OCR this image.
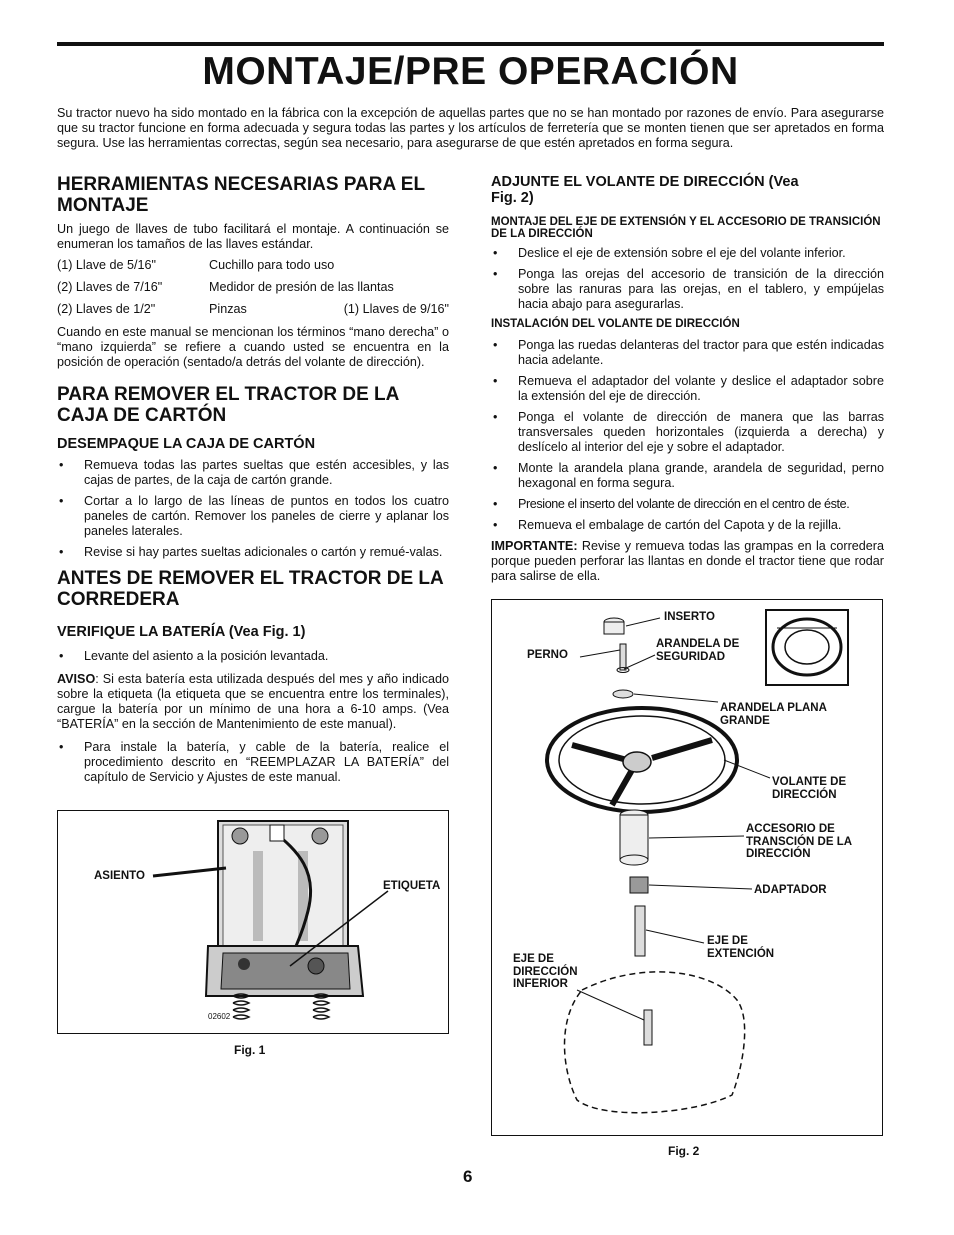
MONTAJE/PRE OPERACIÓN

Su tractor nuevo ha sido montado en la fábrica con la excepción de aquellas partes que no se han montado por razones de envío. Para asegurarse que su tractor funcione en forma adecuada y segura todas las partes y los artículos de ferretería que se monten tienen que ser apretados en forma segura. Use las herramientas correctas, según sea necesario, para asegurarse de que estén apretados en forma segura.

HERRAMIENTAS NECESARIAS PARA EL MONTAJE

Un juego de llaves de tubo facilitará el montaje. A continuación se enumeran los tamaños de las llaves estándar.

(1) Llave de 5/16"	Cuchillo para todo uso
(2) Llaves de 7/16"	Medidor de presión de las llantas
(2) Llaves de 1/2"	Pinzas	(1) Llaves de 9/16"

Cuando en este manual se mencionan los términos “mano derecha” o “mano izquierda” se refiere a cuando usted se encuentra en la posición de operación (sentado/a detrás del volante de dirección).

PARA REMOVER EL TRACTOR DE LA CAJA DE CARTÓN
DESEMPAQUE LA CAJA DE CARTÓN
• Remueva todas las partes sueltas que estén accesibles, y las cajas de partes, de la caja de cartón grande.
• Cortar a lo largo de las líneas de puntos en todos los cuatro paneles de cartón. Remover los paneles de cierre y aplanar los paneles laterales.
• Revise si hay partes sueltas adicionales o cartón y remué-valas.
ANTES DE REMOVER EL TRACTOR DE LA CORREDERA
VERIFIQUE LA BATERÍA (Vea Fig. 1)
• Levante del asiento a la posición levantada.

AVISO: Si esta batería esta utilizada después del mes y año indicado sobre la etiqueta (la etiqueta que se encuentra entre los terminales), cargue la batería por un mínimo de una hora a 6-10 amps. (Vea “BATERÍA” en la sección de Mantenimiento de este manual).

• Para instale la batería, y cable de la batería, realice el procedimiento descrito en “REEMPLAZAR LA BATERÍA” del capítulo de Servicio y Ajustes de este manual.
ADJUNTE EL VOLANTE DE DIRECCIÓN (Vea Fig. 2)
MONTAJE DEL EJE DE EXTENSIÓN Y EL ACCESORIO DE TRANSICIÓN DE LA DIRECCIÓN
• Deslice el eje de extensión sobre el eje del volante inferior.
• Ponga las orejas del accesorio de transición de la dirección sobre las ranuras para las orejas, en el tablero, y empújelas hacia abajo para asegurarlas.
INSTALACIÓN DEL VOLANTE DE DIRECCIÓN
• Ponga las ruedas delanteras del tractor para que estén indicadas hacia adelante.
• Remueva el adaptador del volante y deslice el adaptador sobre la extensión del eje de dirección.
• Ponga el volante de dirección de manera que las barras transversales queden horizontales (izquierda a derecha) y deslícelo al interior del eje y sobre el adaptador.
• Monte la arandela plana grande, arandela de seguridad, perno hexagonal en forma segura.
• Presione el inserto del volante de dirección en el centro de éste.
• Remueva el embalage de cartón del Capota y de la rejilla.

IMPORTANTE: Revise y remueva todas las grampas en la corredera porque pueden perforar las llantas en donde el tractor tiene que rodar para salirse de ella.

ASIENTO
ETIQUETA
02602
Fig. 1
INSERTO
PERNO
ARANDELA DE SEGURIDAD
ARANDELA PLANA GRANDE
VOLANTE DE DIRECCIÓN
ACCESORIO DE TRANSCIÓN DE LA DIRECCIÓN
ADAPTADOR
EJE DE EXTENCIÓN
EJE DE DIRECCIÓN INFERIOR
Fig. 2
6
